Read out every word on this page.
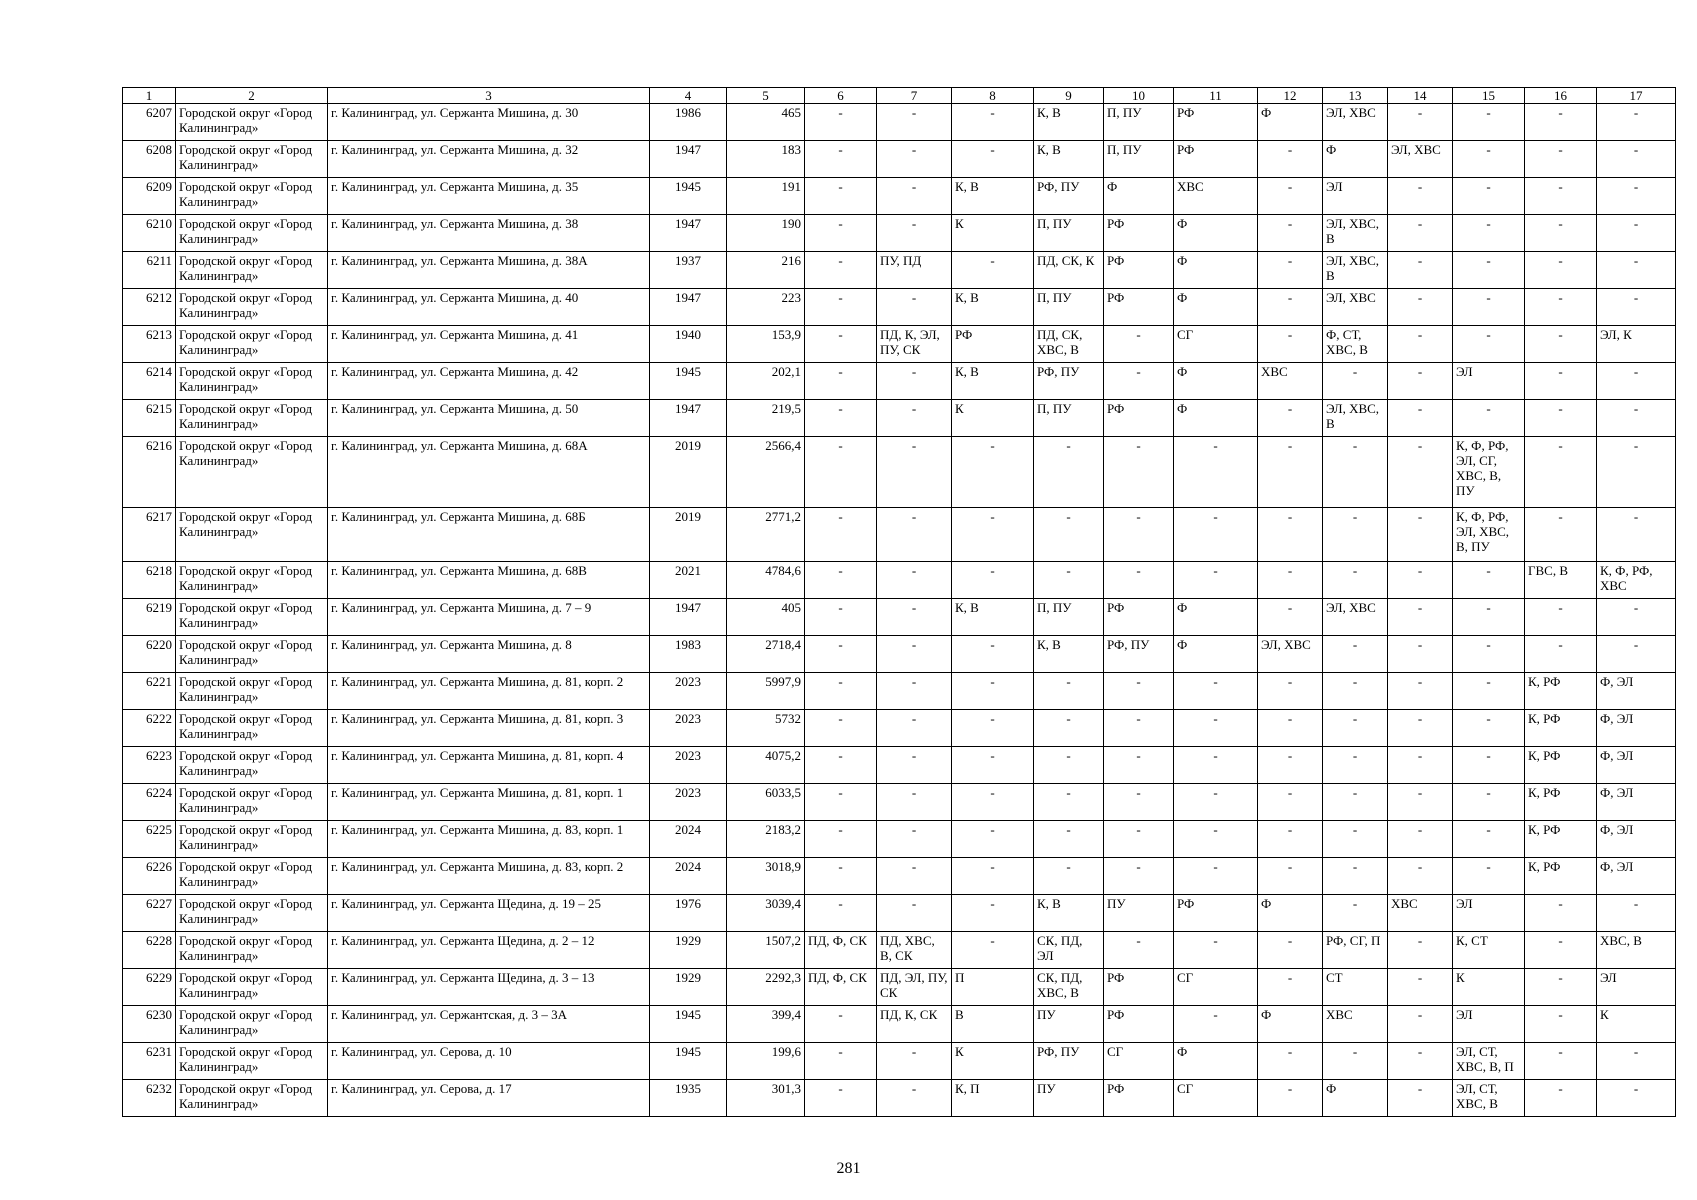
1	2	3	4	5	6	7	8	9	10	11	12	13	14	15	16	17
6207	Городской округ «Город Калининград»	г. Калининград, ул. Сержанта Мишина, д. 30	1986	465	-	-	-	К, В	П, ПУ	РФ	Ф	ЭЛ, ХВС	-	-	-	-
6208	Городской округ «Город Калининград»	г. Калининград, ул. Сержанта Мишина, д. 32	1947	183	-	-	-	К, В	П, ПУ	РФ	-	Ф	ЭЛ, ХВС	-	-	-
6209	Городской округ «Город Калининград»	г. Калининград, ул. Сержанта Мишина, д. 35	1945	191	-	-	К, В	РФ, ПУ	Ф	ХВС	-	ЭЛ	-	-	-	-
6210	Городской округ «Город Калининград»	г. Калининград, ул. Сержанта Мишина, д. 38	1947	190	-	-	К	П, ПУ	РФ	Ф	-	ЭЛ, ХВС, В	-	-	-	-
6211	Городской округ «Город Калининград»	г. Калининград, ул. Сержанта Мишина, д. 38А	1937	216	-	ПУ, ПД	-	ПД, СК, К	РФ	Ф	-	ЭЛ, ХВС, В	-	-	-	-
6212	Городской округ «Город Калининград»	г. Калининград, ул. Сержанта Мишина, д. 40	1947	223	-	-	К, В	П, ПУ	РФ	Ф	-	ЭЛ, ХВС	-	-	-	-
6213	Городской округ «Город Калининград»	г. Калининград, ул. Сержанта Мишина, д. 41	1940	153,9	-	ПД, К, ЭЛ, ПУ, СК	РФ	ПД, СК, ХВС, В	-	СГ	-	Ф, СТ, ХВС, В	-	-	-	ЭЛ, К
6214	Городской округ «Город Калининград»	г. Калининград, ул. Сержанта Мишина, д. 42	1945	202,1	-	-	К, В	РФ, ПУ	-	Ф	ХВС	-	-	ЭЛ	-	-
6215	Городской округ «Город Калининград»	г. Калининград, ул. Сержанта Мишина, д. 50	1947	219,5	-	-	К	П, ПУ	РФ	Ф	-	ЭЛ, ХВС, В	-	-	-	-
6216	Городской округ «Город Калининград»	г. Калининград, ул. Сержанта Мишина, д. 68А	2019	2566,4	-	-	-	-	-	-	-	-	-	К, Ф, РФ, ЭЛ, СГ, ХВС, В, ПУ	-	-
6217	Городской округ «Город Калининград»	г. Калининград, ул. Сержанта Мишина, д. 68Б	2019	2771,2	-	-	-	-	-	-	-	-	-	К, Ф, РФ, ЭЛ, ХВС, В, ПУ	-	-
6218	Городской округ «Город Калининград»	г. Калининград, ул. Сержанта Мишина, д. 68В	2021	4784,6	-	-	-	-	-	-	-	-	-	-	ГВС, В	К, Ф, РФ, ХВС
6219	Городской округ «Город Калининград»	г. Калининград, ул. Сержанта Мишина, д. 7 – 9	1947	405	-	-	К, В	П, ПУ	РФ	Ф	-	ЭЛ, ХВС	-	-	-	-
6220	Городской округ «Город Калининград»	г. Калининград, ул. Сержанта Мишина, д. 8	1983	2718,4	-	-	-	К, В	РФ, ПУ	Ф	ЭЛ, ХВС	-	-	-	-	-
6221	Городской округ «Город Калининград»	г. Калининград, ул. Сержанта Мишина, д. 81, корп. 2	2023	5997,9	-	-	-	-	-	-	-	-	-	-	К, РФ	Ф, ЭЛ
6222	Городской округ «Город Калининград»	г. Калининград, ул. Сержанта Мишина, д. 81, корп. 3	2023	5732	-	-	-	-	-	-	-	-	-	-	К, РФ	Ф, ЭЛ
6223	Городской округ «Город Калининград»	г. Калининград, ул. Сержанта Мишина, д. 81, корп. 4	2023	4075,2	-	-	-	-	-	-	-	-	-	-	К, РФ	Ф, ЭЛ
6224	Городской округ «Город Калининград»	г. Калининград, ул. Сержанта Мишина, д. 81, корп. 1	2023	6033,5	-	-	-	-	-	-	-	-	-	-	К, РФ	Ф, ЭЛ
6225	Городской округ «Город Калининград»	г. Калининград, ул. Сержанта Мишина, д. 83, корп. 1	2024	2183,2	-	-	-	-	-	-	-	-	-	-	К, РФ	Ф, ЭЛ
6226	Городской округ «Город Калининград»	г. Калининград, ул. Сержанта Мишина, д. 83, корп. 2	2024	3018,9	-	-	-	-	-	-	-	-	-	-	К, РФ	Ф, ЭЛ
6227	Городской округ «Город Калининград»	г. Калининград, ул. Сержанта Щедина, д. 19 – 25	1976	3039,4	-	-	-	К, В	ПУ	РФ	Ф	-	ХВС	ЭЛ	-	-
6228	Городской округ «Город Калининград»	г. Калининград, ул. Сержанта Щедина, д. 2 – 12	1929	1507,2	ПД, Ф, СК	ПД, ХВС, В, СК	-	СК, ПД, ЭЛ	-	-	-	РФ, СГ, П	-	К, СТ	-	ХВС, В
6229	Городской округ «Город Калининград»	г. Калининград, ул. Сержанта Щедина, д. 3 – 13	1929	2292,3	ПД, Ф, СК	ПД, ЭЛ, ПУ, СК	П	СК, ПД, ХВС, В	РФ	СГ	-	СТ	-	К	-	ЭЛ
6230	Городской округ «Город Калининград»	г. Калининград, ул. Сержантская, д. 3 – 3А	1945	399,4	-	ПД, К, СК	В	ПУ	РФ	-	Ф	ХВС	-	ЭЛ	-	К
6231	Городской округ «Город Калининград»	г. Калининград, ул. Серова, д. 10	1945	199,6	-	-	К	РФ, ПУ	СГ	Ф	-	-	-	ЭЛ, СТ, ХВС, В, П	-	-
6232	Городской округ «Город Калининград»	г. Калининград, ул. Серова, д. 17	1935	301,3	-	-	К, П	ПУ	РФ	СГ	-	Ф	-	ЭЛ, СТ, ХВС, В	-	-
281
